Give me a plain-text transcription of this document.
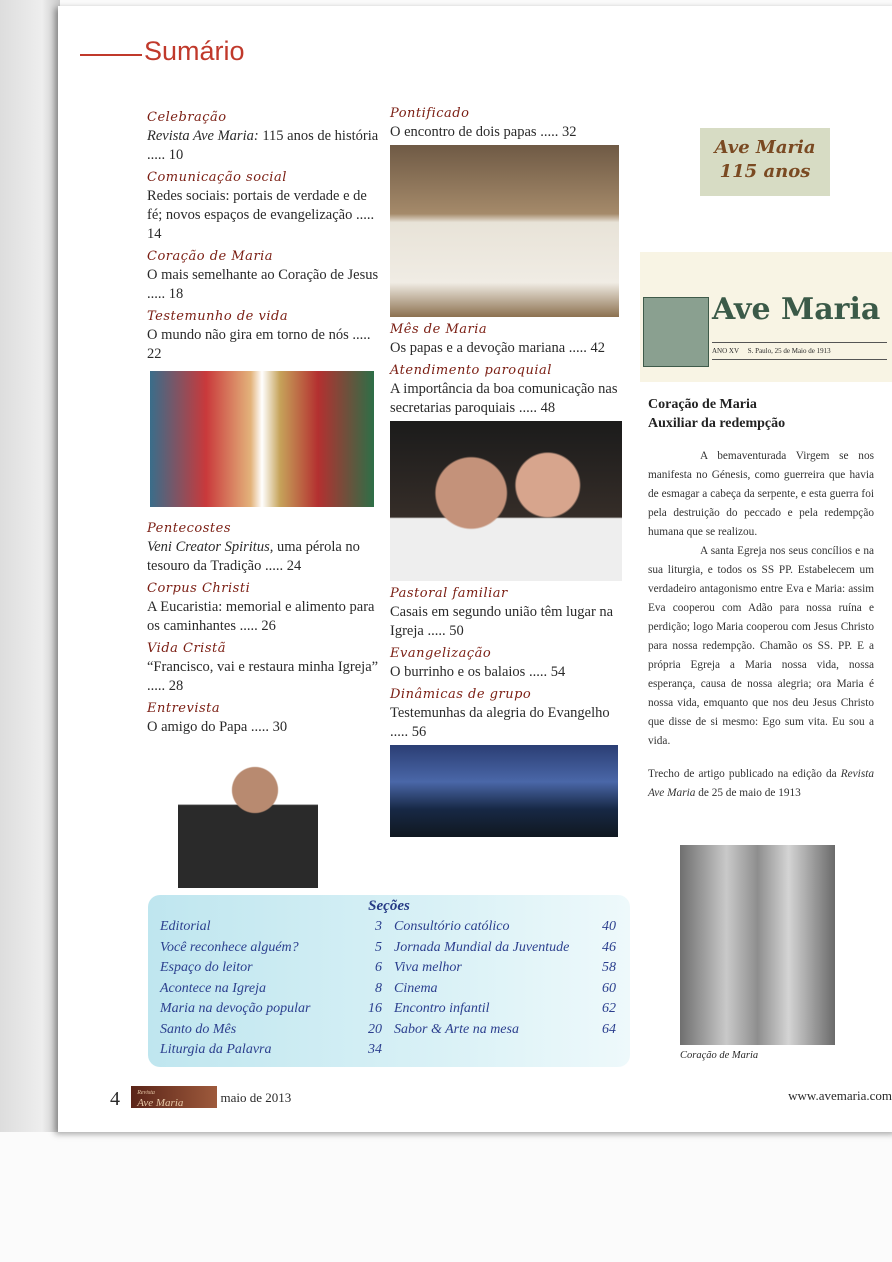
Sumário
Celebração
Revista Ave Maria: 115 anos de história ..... 10
Comunicação social
Redes sociais: portais de verdade e de fé; novos espaços de evangelização ..... 14
Coração de Maria
O mais semelhante ao Coração de Jesus ..... 18
Testemunho de vida
O mundo não gira em torno de nós ..... 22
Pentecostes
Veni Creator Spiritus, uma pérola no tesouro da Tradição ..... 24
Corpus Christi
A Eucaristia: memorial e alimento para os caminhantes ..... 26
Vida Cristã
“Francisco, vai e restaura minha Igreja” ..... 28
Entrevista
O amigo do Papa ..... 30
Pontificado
O encontro de dois papas ..... 32
Mês de Maria
Os papas e a devoção mariana ..... 42
Atendimento paroquial
A importância da boa comunicação nas secretarias paroquiais ..... 48
Pastoral familiar
Casais em segundo união têm lugar na Igreja ..... 50
Evangelização
O burrinho e os balaios ..... 54
Dinâmicas de grupo
Testemunhas da alegria do Evangelho ..... 56
Ave Maria
115 anos
Ave Maria
ANO XV S. Paulo, 25 de Maio de 1913
Coração de Maria
Auxiliar da redempção

A bemaventurada Virgem se nos manifesta no Génesis, como guerreira que havia de esmagar a cabeça da serpente, e esta guerra foi pela destruição do peccado e pela redempção humana que se realizou.

A santa Egreja nos seus concílios e na sua liturgia, e todos os SS PP. Estabelecem um verdadeiro antagonismo entre Eva e Maria: assim Eva cooperou com Adão para nossa ruína e perdição; logo Maria cooperou com Jesus Christo para nossa redempção. Chamão os SS. PP. E a própria Egreja a Maria nossa vida, nossa esperança, causa de nossa alegria; ora Maria é nossa vida, emquanto que nos deu Jesus Christo que disse de si mesmo: Ego sum vita. Eu sou a vida.

Trecho de artigo publicado na edição da Revista Ave Maria de 25 de maio de 1913

Coração de Maria
Seções
Editorial	3
Você reconhece alguém?	5
Espaço do leitor	6
Acontece na Igreja	8
Maria na devoção popular	16
Santo do Mês	20
Liturgia da Palavra	34
Consultório católico	40
Jornada Mundial da Juventude 46
Viva melhor	58
Cinema	60
Encontro infantil	62
Sabor & Arte na mesa	64
4	Revista
Ave Maria	maio de 2013	www.avemaria.com
